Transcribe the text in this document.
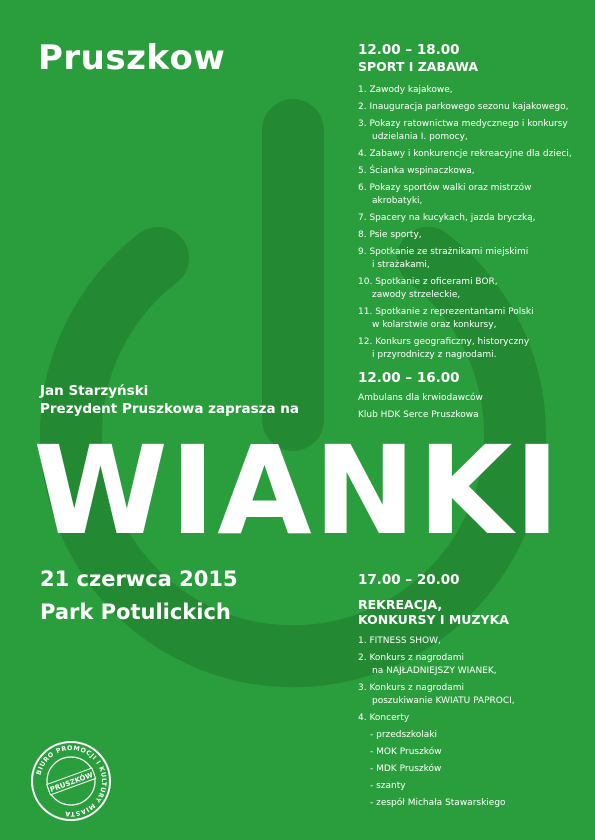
Pruszkow
Jan Starzyński
Prezydent Pruszkowa zaprasza na
WIANKI
21 czerwca 2015
Park Potulickich
12.00 – 18.00
SPORT I ZABAWA
1. Zawody kajakowe,
2. Inauguracja parkowego sezonu kajakowego,
3. Pokazy ratownictwa medycznego i konkursy
udzielania I. pomocy,
4. Zabawy i konkurencje rekreacyjne dla dzieci,
5. Ścianka wspinaczkowa,
6. Pokazy sportów walki oraz mistrzów
akrobatyki,
7. Spacery na kucykach, jazda bryczką,
8. Psie sporty,
9. Spotkanie ze strażnikami miejskimi
i strażakami,
10. Spotkanie z oficerami BOR,
zawody strzeleckie,
11. Spotkanie z reprezentantami Polski
w kolarstwie oraz konkursy,
12. Konkurs geograficzny, historyczny
i przyrodniczy z nagrodami.
12.00 – 16.00
Ambulans dla krwiodawców
Klub HDK Serce Pruszkowa
17.00 – 20.00
REKREACJA,
KONKURSY I MUZYKA
1. FITNESS SHOW,
2. Konkurs z nagrodami
na NAJŁADNIEJSZY WIANEK,
3. Konkurs z nagrodami
poszukiwanie KWIATU PAPROCI,
4. Koncerty
- przedszkolaki
- MOK Pruszków
- MDK Pruszków
- szanty
- zespół Michała Stawarskiego
BIURO PROMOCJI I KULTURY MIASTA
PRUSZKÓW
